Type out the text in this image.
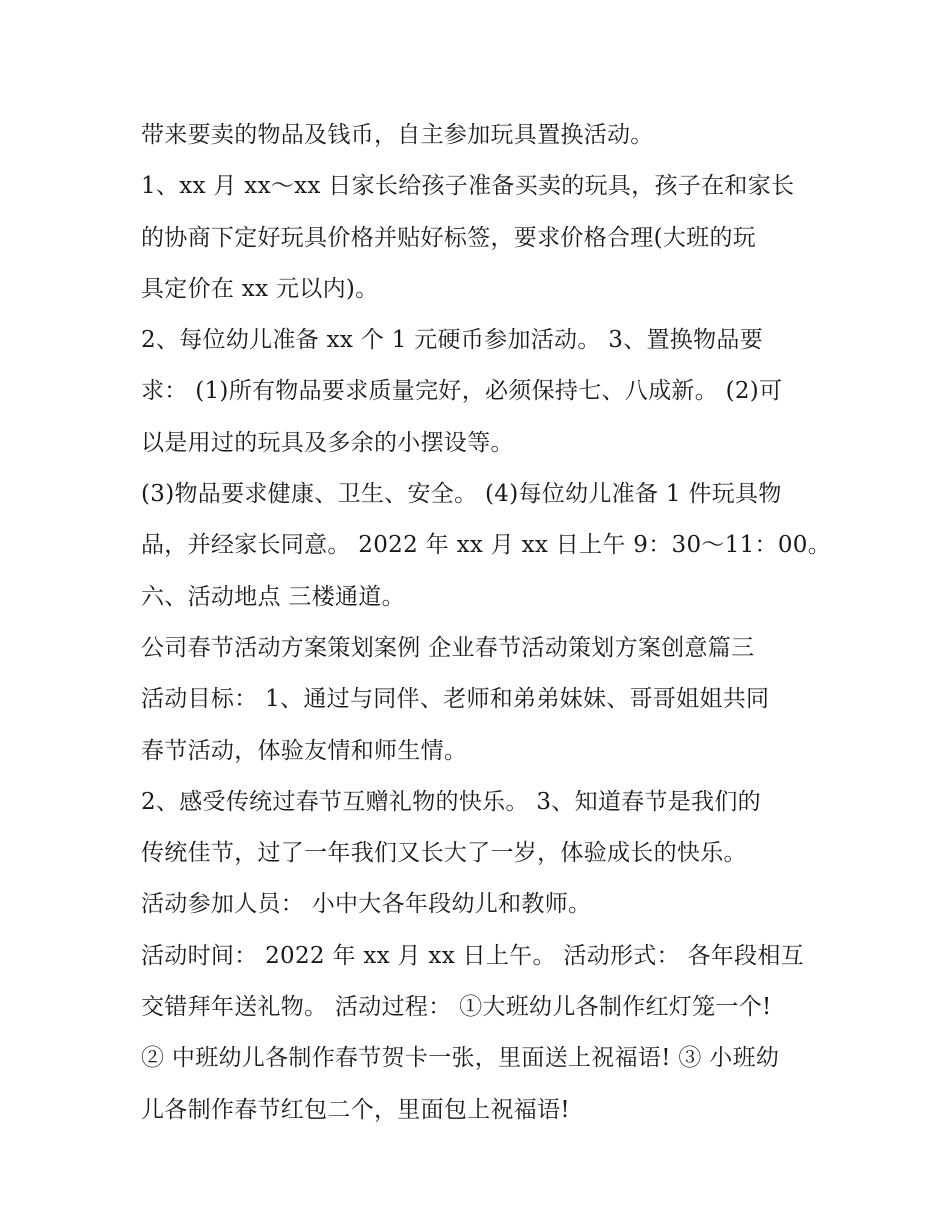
带来要卖的物品及钱币，自主参加玩具置换活动。
1、xx 月 xx～xx 日家长给孩子准备买卖的玩具，孩子在和家长
的协商下定好玩具价格并贴好标签，要求价格合理(大班的玩
具定价在 xx 元以内)。
2、每位幼儿准备 xx 个 1 元硬币参加活动。 3、置换物品要
求： (1)所有物品要求质量完好，必须保持七、八成新。 (2)可
以是用过的玩具及多余的小摆设等。
(3)物品要求健康、卫生、安全。 (4)每位幼儿准备 1 件玩具物
品，并经家长同意。 2022 年 xx 月 xx 日上午 9：30～11：00。
六、活动地点 三楼通道。
公司春节活动方案策划案例 企业春节活动策划方案创意篇三
活动目标： 1、通过与同伴、老师和弟弟妹妹、哥哥姐姐共同
春节活动，体验友情和师生情。
2、感受传统过春节互赠礼物的快乐。 3、知道春节是我们的
传统佳节，过了一年我们又长大了一岁，体验成长的快乐。
活动参加人员： 小中大各年段幼儿和教师。
活动时间： 2022 年 xx 月 xx 日上午。 活动形式： 各年段相互
交错拜年送礼物。 活动过程： ①大班幼儿各制作红灯笼一个!
② 中班幼儿各制作春节贺卡一张，里面送上祝福语! ③ 小班幼
儿各制作春节红包二个，里面包上祝福语!
